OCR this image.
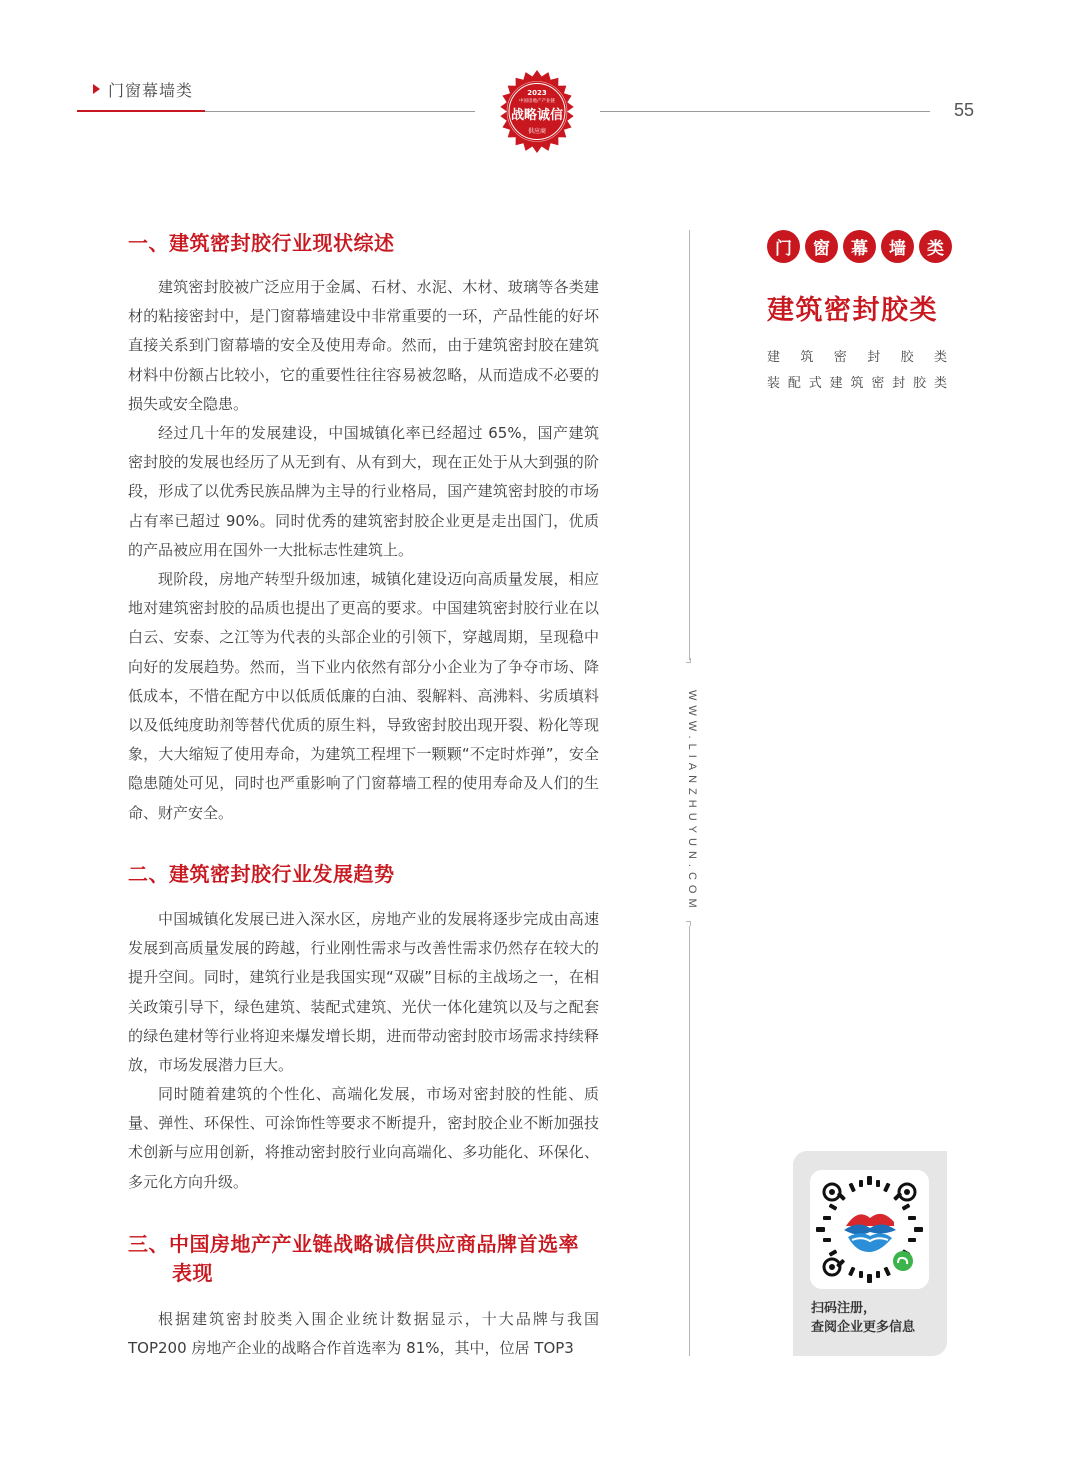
门窗幕墙类
55
2023
中国房地产产业链
战略诚信
供应商
一、建筑密封胶行业现状综述

建筑密封胶被广泛应用于金属、石材、水泥、木材、玻璃等各类建材的粘接密封中，是门窗幕墙建设中非常重要的一环，产品性能的好坏直接关系到门窗幕墙的安全及使用寿命。然而，由于建筑密封胶在建筑材料中份额占比较小，它的重要性往往容易被忽略，从而造成不必要的损失或安全隐患。

经过几十年的发展建设，中国城镇化率已经超过 65%，国产建筑密封胶的发展也经历了从无到有、从有到大，现在正处于从大到强的阶段，形成了以优秀民族品牌为主导的行业格局，国产建筑密封胶的市场占有率已超过 90%。同时优秀的建筑密封胶企业更是走出国门，优质的产品被应用在国外一大批标志性建筑上。

现阶段，房地产转型升级加速，城镇化建设迈向高质量发展，相应地对建筑密封胶的品质也提出了更高的要求。中国建筑密封胶行业在以白云、安泰、之江等为代表的头部企业的引领下，穿越周期，呈现稳中向好的发展趋势。然而，当下业内依然有部分小企业为了争夺市场、降低成本，不惜在配方中以低质低廉的白油、裂解料、高沸料、劣质填料以及低纯度助剂等替代优质的原生料，导致密封胶出现开裂、粉化等现象，大大缩短了使用寿命，为建筑工程埋下一颗颗“不定时炸弹”，安全隐患随处可见，同时也严重影响了门窗幕墙工程的使用寿命及人们的生命、财产安全。

二、建筑密封胶行业发展趋势

中国城镇化发展已进入深水区，房地产业的发展将逐步完成由高速发展到高质量发展的跨越，行业刚性需求与改善性需求仍然存在较大的提升空间。同时，建筑行业是我国实现“双碳”目标的主战场之一，在相关政策引导下，绿色建筑、装配式建筑、光伏一体化建筑以及与之配套的绿色建材等行业将迎来爆发增长期，进而带动密封胶市场需求持续释放，市场发展潜力巨大。

同时随着建筑的个性化、高端化发展，市场对密封胶的性能、质量、弹性、环保性、可涂饰性等要求不断提升，密封胶企业不断加强技术创新与应用创新，将推动密封胶行业向高端化、多功能化、环保化、多元化方向升级。

三、中国房地产产业链战略诚信供应商品牌首选率
表现

根据建筑密封胶类入围企业统计数据显示，十大品牌与我国 TOP200 房地产企业的战略合作首选率为 81%，其中，位居 TOP3

WWW.LIANZHUYUN.COM
门	窗	幕	墙	类
建筑密封胶类
建筑密封胶类
装配式建筑密封胶类
扫码注册，
查阅企业更多信息
